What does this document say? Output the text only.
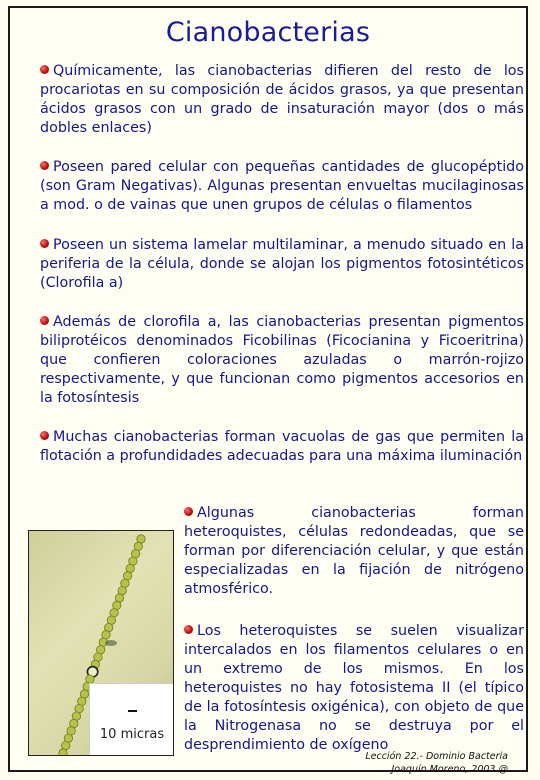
Cianobacterias
Químicamente, las cianobacterias difieren del resto de los procariotas en su composición de ácidos grasos, ya que presentan ácidos grasos con un grado de insaturación mayor (dos o más dobles enlaces)
Poseen pared celular con pequeñas cantidades de glucopéptido (son Gram Negativas). Algunas presentan envueltas mucilaginosas a mod. o de vainas que unen grupos de células o filamentos
Poseen un sistema lamelar multilaminar, a menudo situado en la periferia de la célula, donde se alojan los pigmentos fotosintéticos (Clorofila a)
Además de clorofila a, las cianobacterias presentan pigmentos biliprotéicos denominados Ficobilinas (Ficocianina y Ficoeritrina) que confieren coloraciones azuladas o marrón-rojizo respectivamente, y que funcionan como pigmentos accesorios en la fotosíntesis
Muchas cianobacterias forman vacuolas de gas que permiten la flotación a profundidades adecuadas para una máxima iluminación
Algunas cianobacterias forman heteroquistes, células redondeadas, que se forman por diferenciación celular, y que están especializadas en la fijación de nitrógeno atmosférico.
Los heteroquistes se suelen visualizar intercalados en los filamentos celulares o en un extremo de los mismos. En los heteroquistes no hay fotosistema II (el típico de la fotosíntesis oxigénica), con objeto de que la Nitrogenasa no se destruya por el desprendimiento de oxígeno
10 micras
Lección 22.- Dominio Bacteria
Joaquín Moreno, 2003 @
